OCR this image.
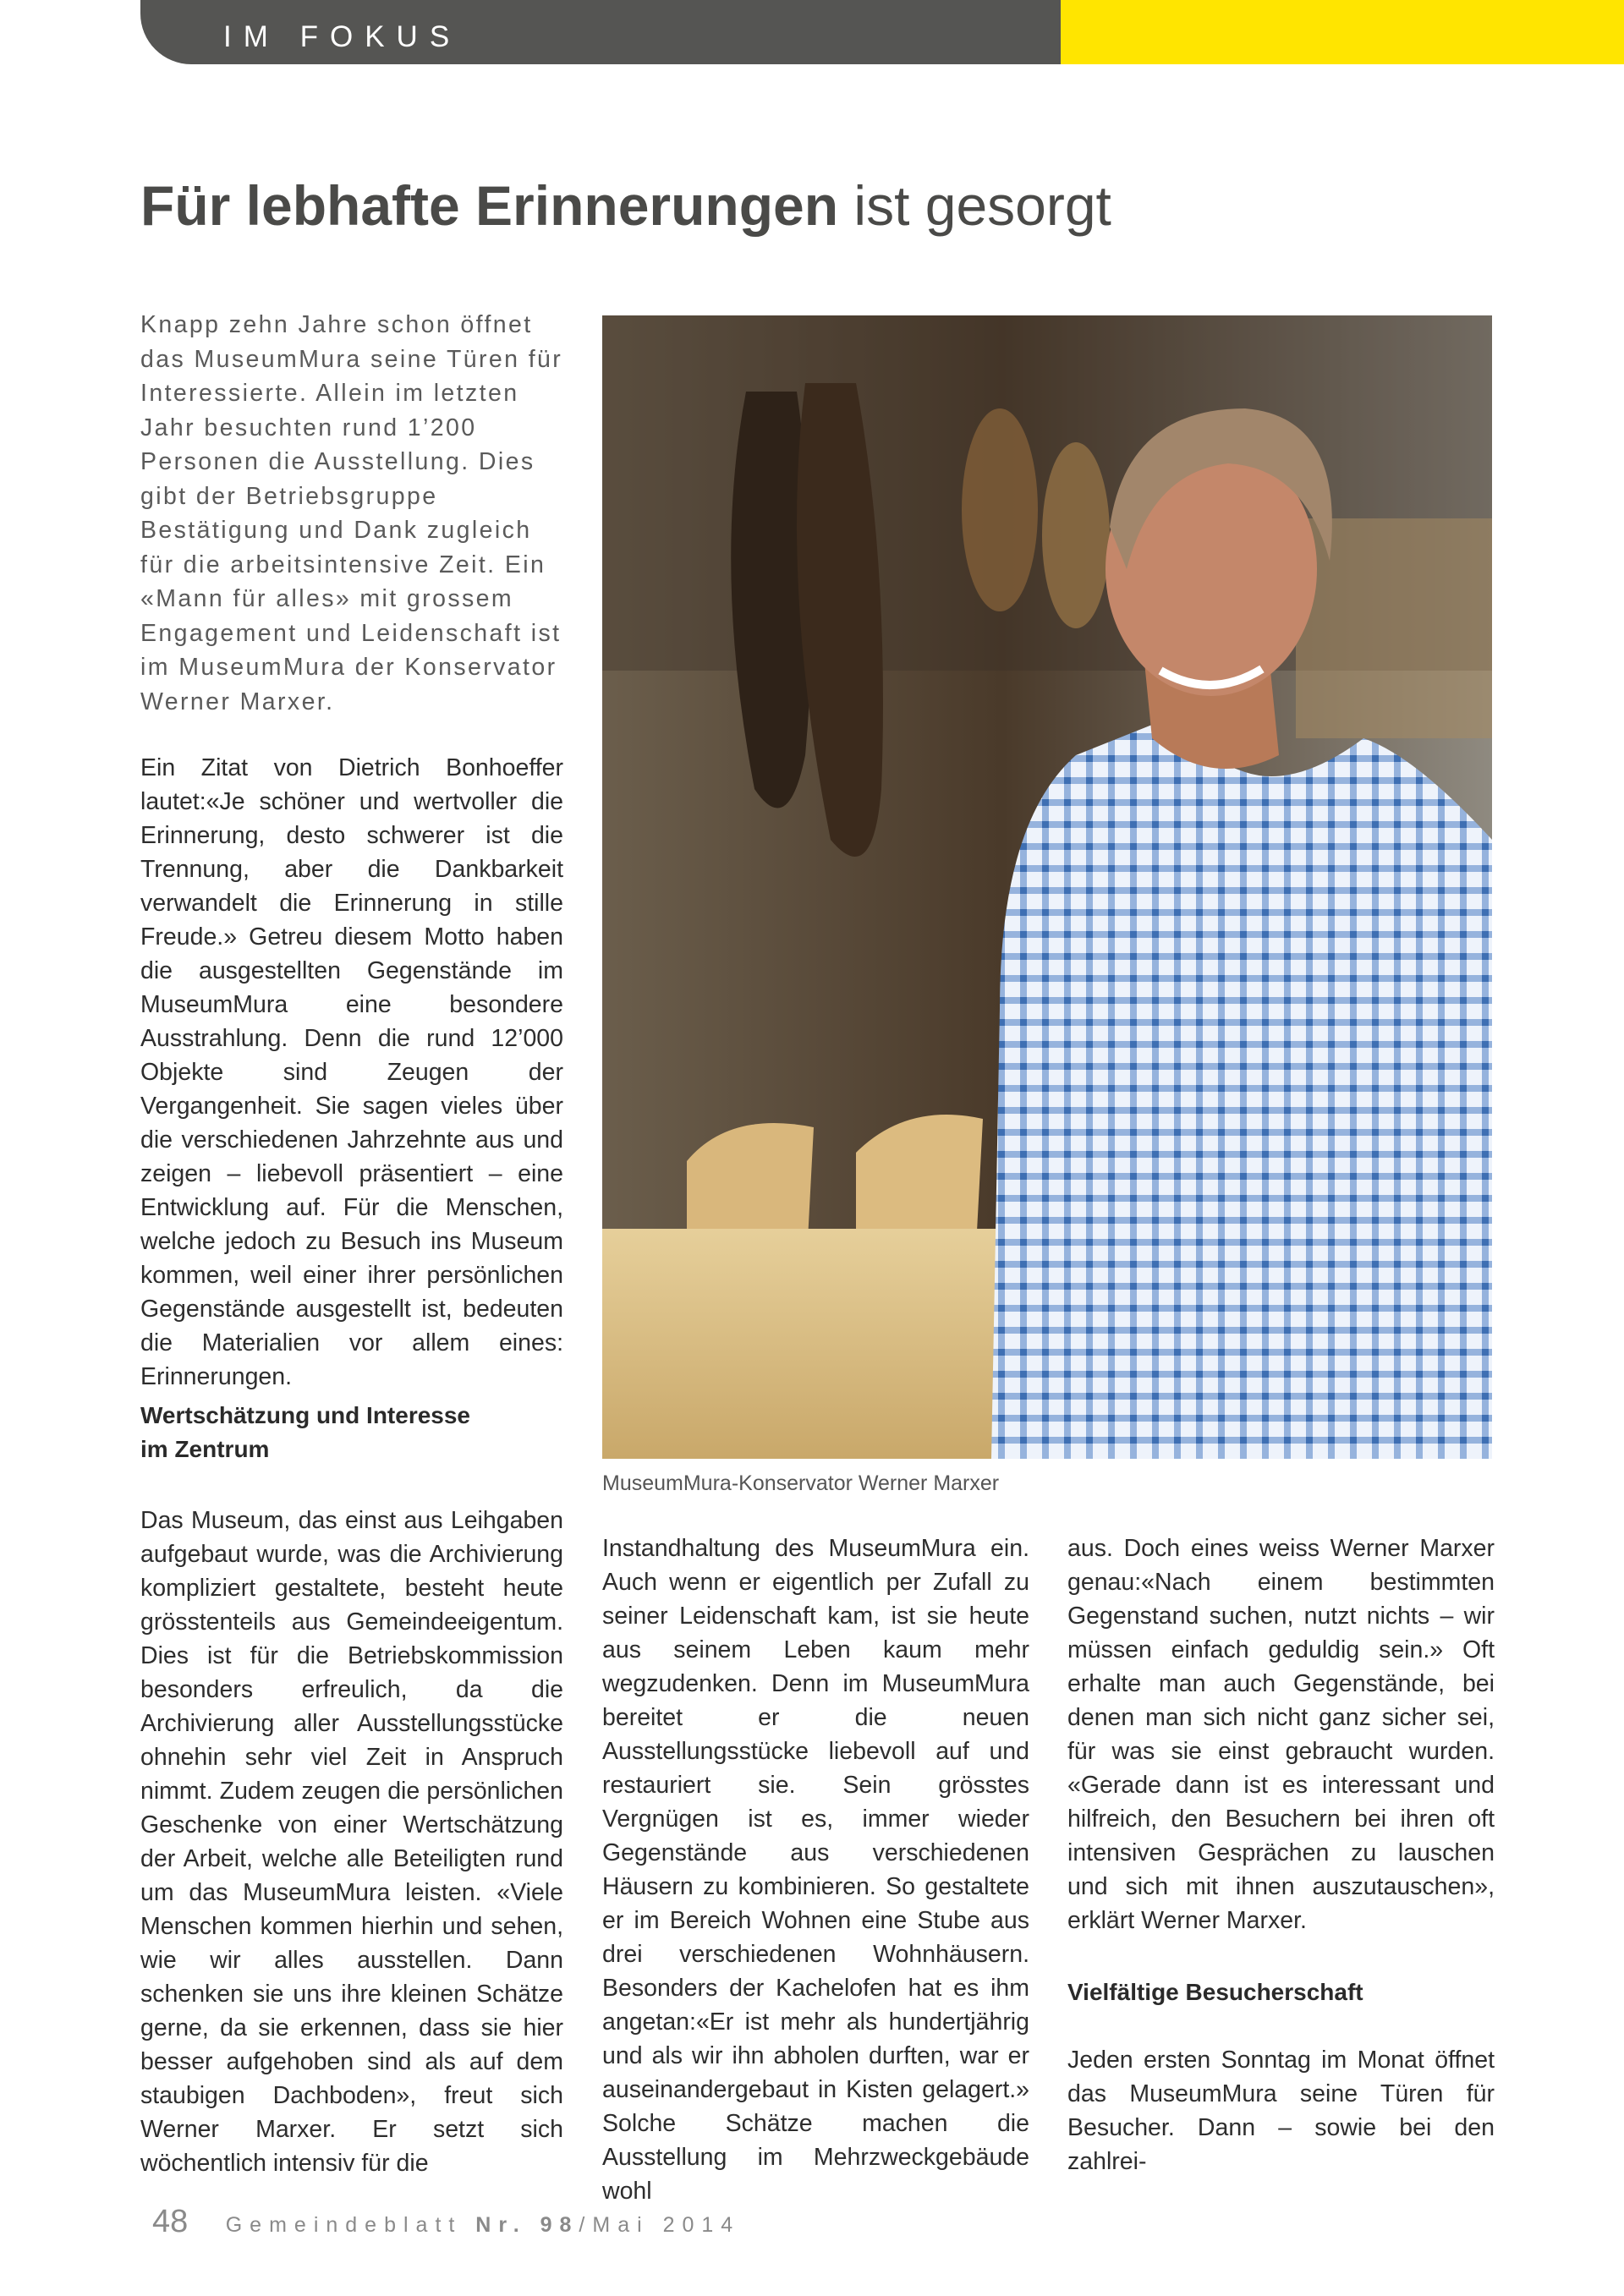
IM FOKUS
Für lebhafte Erinnerungen ist gesorgt

Knapp zehn Jahre schon öffnet das MuseumMura seine Türen für Interessierte. Allein im letzten Jahr besuchten rund 1’200 Personen die Ausstellung. Dies gibt der Betriebsgruppe Bestätigung und Dank zugleich für die arbeitsintensive Zeit. Ein «Mann für alles» mit grossem Engagement und Leidenschaft ist im MuseumMura der Konservator Werner Marxer.

Ein Zitat von Dietrich Bonhoeffer lautet:«Je schöner und wertvoller die Erinnerung, desto schwerer ist die Trennung, aber die Dankbarkeit verwandelt die Erinnerung in stille Freude.» Getreu diesem Motto haben die ausgestellten Gegenstände im MuseumMura eine besondere Ausstrahlung. Denn die rund 12’000 Objekte sind Zeugen der Vergangenheit. Sie sagen vieles über die verschiedenen Jahrzehnte aus und zeigen – liebevoll präsentiert – eine Entwicklung auf. Für die Menschen, welche jedoch zu Besuch ins Museum kommen, weil einer ihrer persönlichen Gegenstände ausgestellt ist, bedeuten die Materialien vor allem eines: Erinnerungen.

Wertschätzung und Interesse
im Zentrum

Das Museum, das einst aus Leihgaben aufgebaut wurde, was die Archivierung kompliziert gestaltete, besteht heute grösstenteils aus Gemeindeeigentum. Dies ist für die Betriebskommission besonders erfreulich, da die Archivierung aller Ausstellungsstücke ohnehin sehr viel Zeit in Anspruch nimmt. Zudem zeugen die persönlichen Geschenke von einer Wertschätzung der Arbeit, welche alle Beteiligten rund um das MuseumMura leisten. «Viele Menschen kommen hierhin und sehen, wie wir alles ausstellen. Dann schenken sie uns ihre kleinen Schätze gerne, da sie erkennen, dass sie hier besser aufgehoben sind als auf dem staubigen Dachboden», freut sich Werner Marxer. Er setzt sich wöchentlich intensiv für die

MuseumMura-Konservator Werner Marxer

Instandhaltung des MuseumMura ein. Auch wenn er eigentlich per Zufall zu seiner Leidenschaft kam, ist sie heute aus seinem Leben kaum mehr wegzudenken. Denn im MuseumMura bereitet er die neuen Ausstellungsstücke liebevoll auf und restauriert sie. Sein grösstes Vergnügen ist es, immer wieder Gegenstände aus verschiedenen Häusern zu kombinieren. So gestaltete er im Bereich Wohnen eine Stube aus drei verschiedenen Wohnhäusern. Besonders der Kachelofen hat es ihm angetan:«Er ist mehr als hundertjährig und als wir ihn abholen durften, war er auseinandergebaut in Kisten gelagert.» Solche Schätze machen die Ausstellung im Mehrzweckgebäude wohl

aus. Doch eines weiss Werner Marxer genau:«Nach einem bestimmten Gegenstand suchen, nutzt nichts – wir müssen einfach geduldig sein.» Oft erhalte man auch Gegenstände, bei denen man sich nicht ganz sicher sei, für was sie einst gebraucht wurden. «Gerade dann ist es interessant und hilfreich, den Besuchern bei ihren oft intensiven Gesprächen zu lauschen und sich mit ihnen auszutauschen», erklärt Werner Marxer.

Vielfältige Besucherschaft

Jeden ersten Sonntag im Monat öffnet das MuseumMura seine Türen für Besucher. Dann – sowie bei den zahlrei-

48 Gemeindeblatt Nr. 98/Mai 2014
